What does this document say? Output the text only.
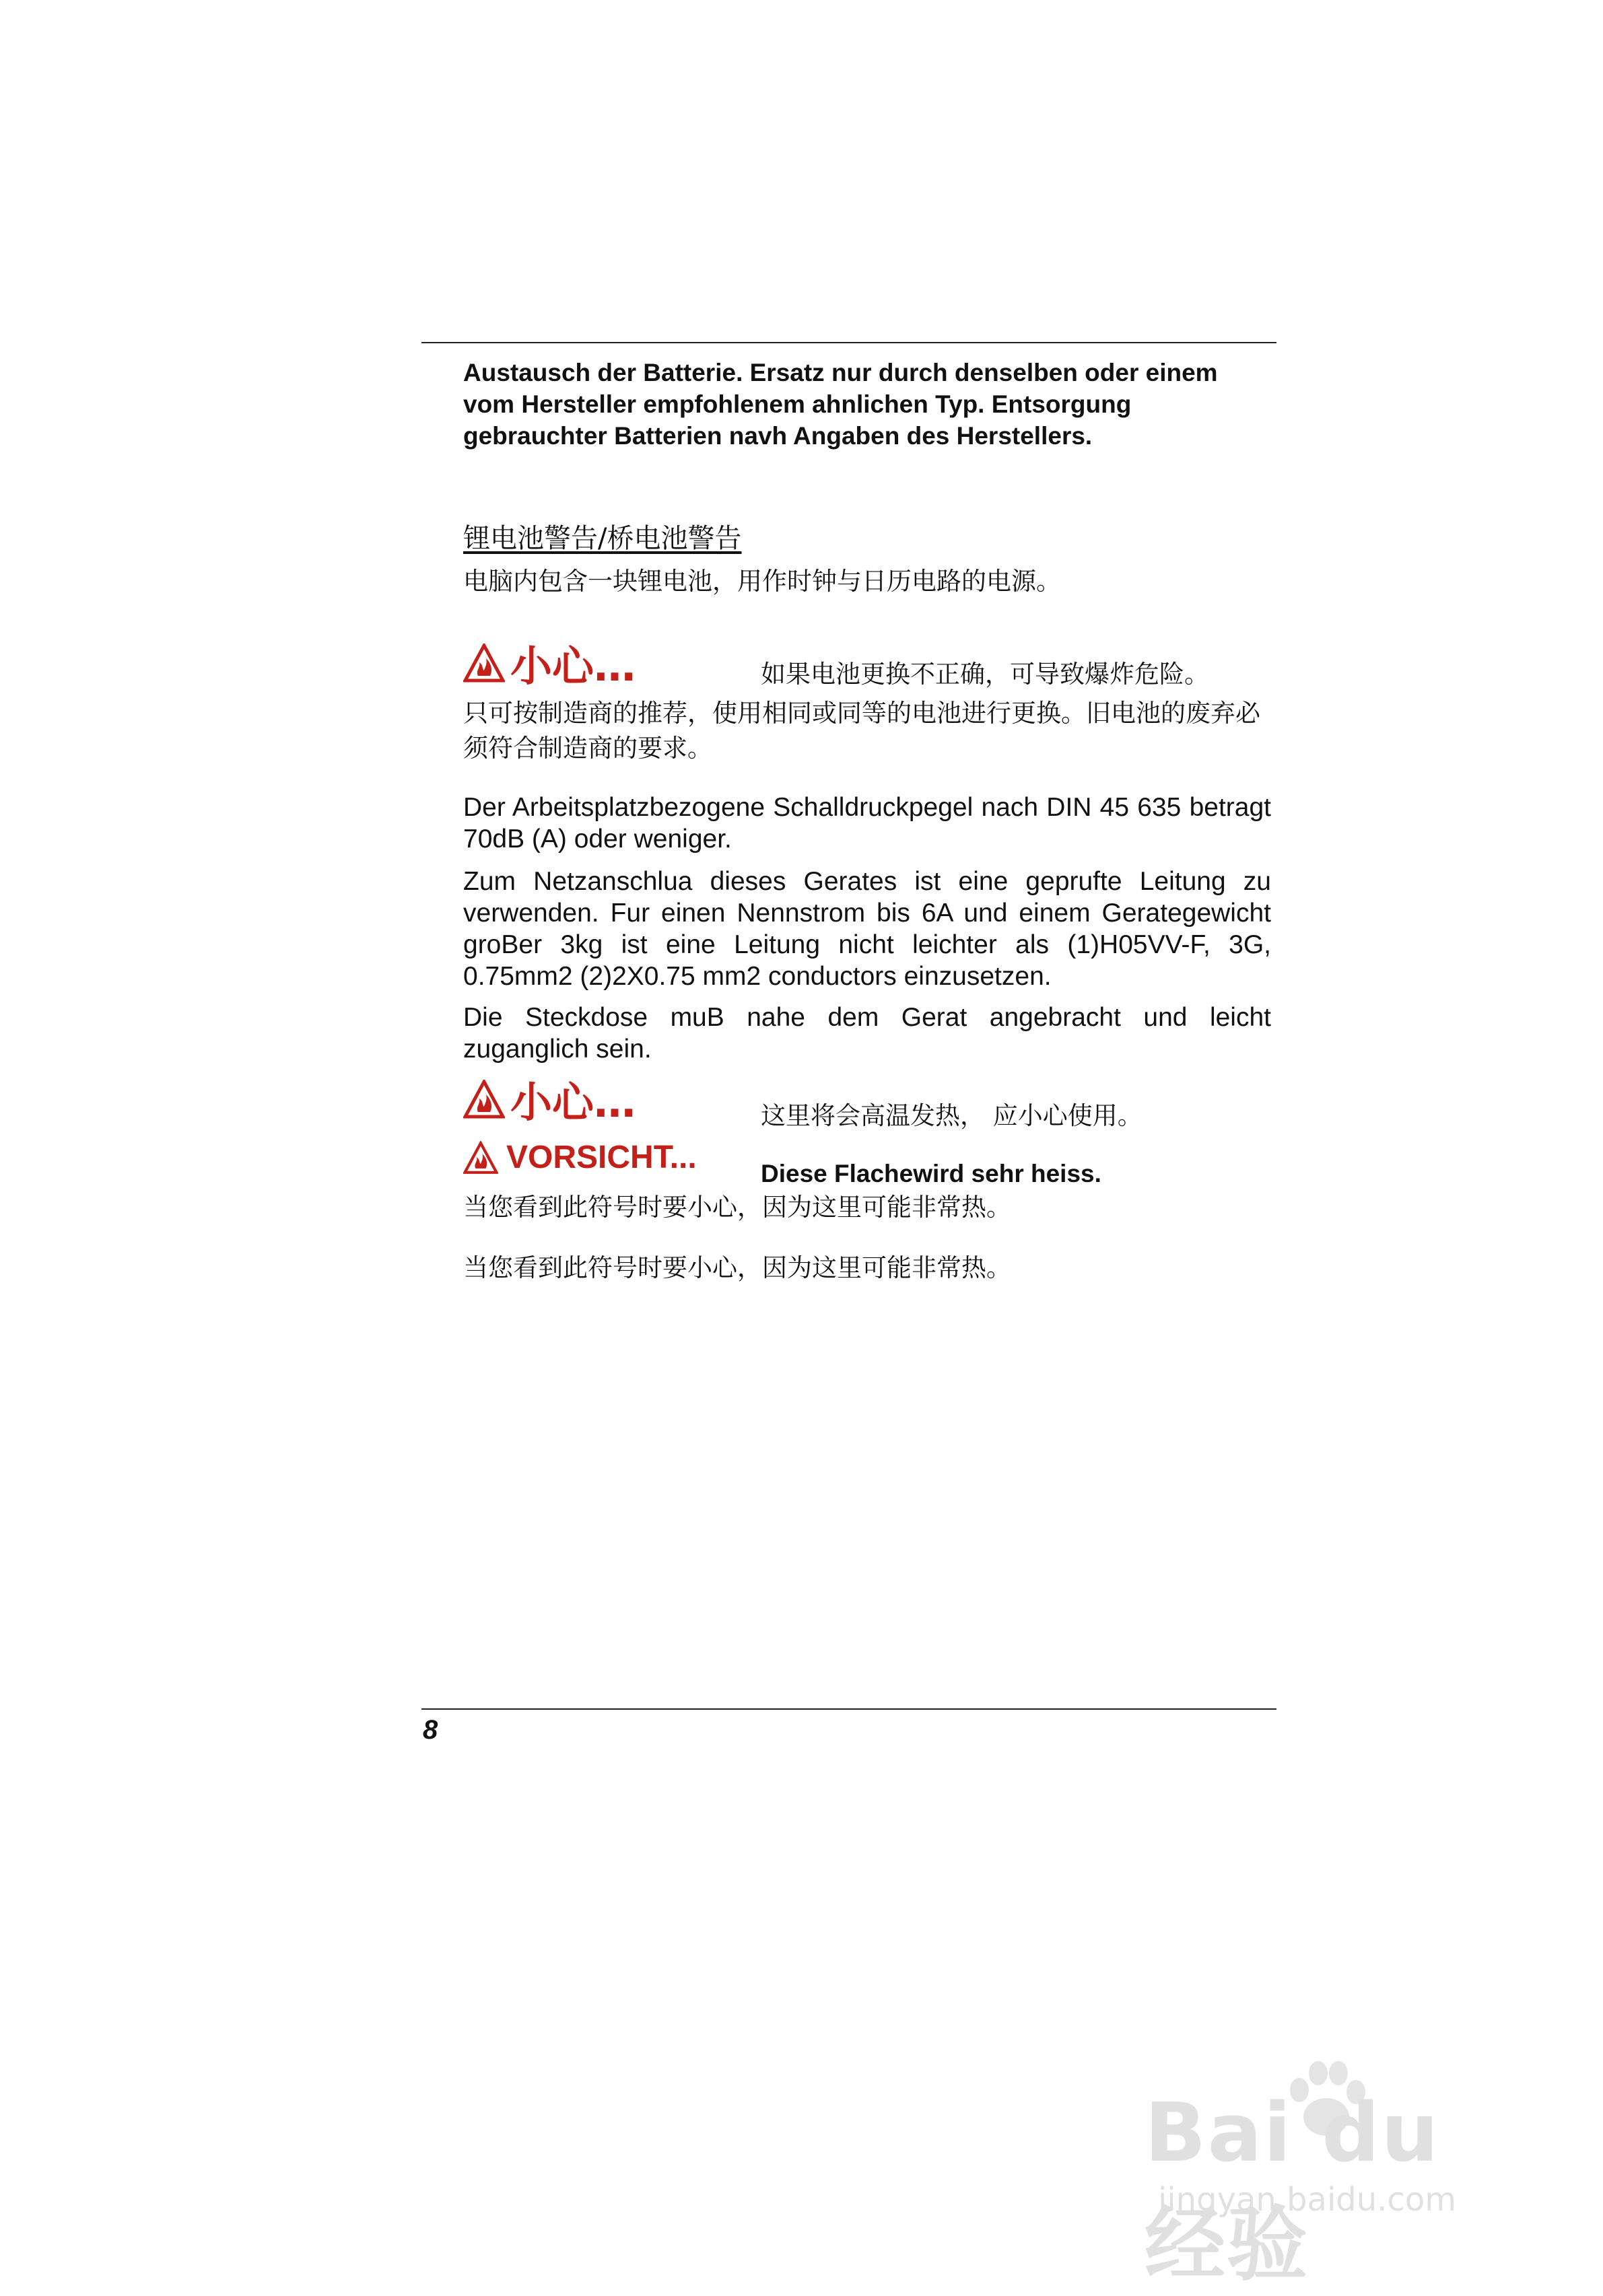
Austausch der Batterie. Ersatz nur durch denselben oder einem vom Hersteller empfohlenem ahnlichen Typ. Entsorgung gebrauchter Batterien navh Angaben des Herstellers.

锂电池警告/桥电池警告

电脑内包含一块锂电池，用作时钟与日历电路的电源。

小心…	如果电池更换不正确，可导致爆炸危险。

只可按制造商的推荐，使用相同或同等的电池进行更换。旧电池的废弃必须符合制造商的要求。

Der Arbeitsplatzbezogene Schalldruckpegel nach DIN 45 635 betragt 70dB (A) oder weniger.

Zum Netzanschlua dieses Gerates ist eine geprufte Leitung zu verwenden. Fur einen Nennstrom bis 6A und einem Gerategewicht groBer 3kg ist eine Leitung nicht leichter als (1)H05VV-F, 3G, 0.75mm2 (2)2X0.75 mm2 conductors einzusetzen.

Die Steckdose muB nahe dem Gerat angebracht und leicht zuganglich sein.

小心…	这里将会高温发热， 应小心使用。
VORSICHT...	Diese Flachewird sehr heiss.

当您看到此符号时要小心，因为这里可能非常热。

当您看到此符号时要小心，因为这里可能非常热。

8
Bai du 经验
jingyan.baidu.com
